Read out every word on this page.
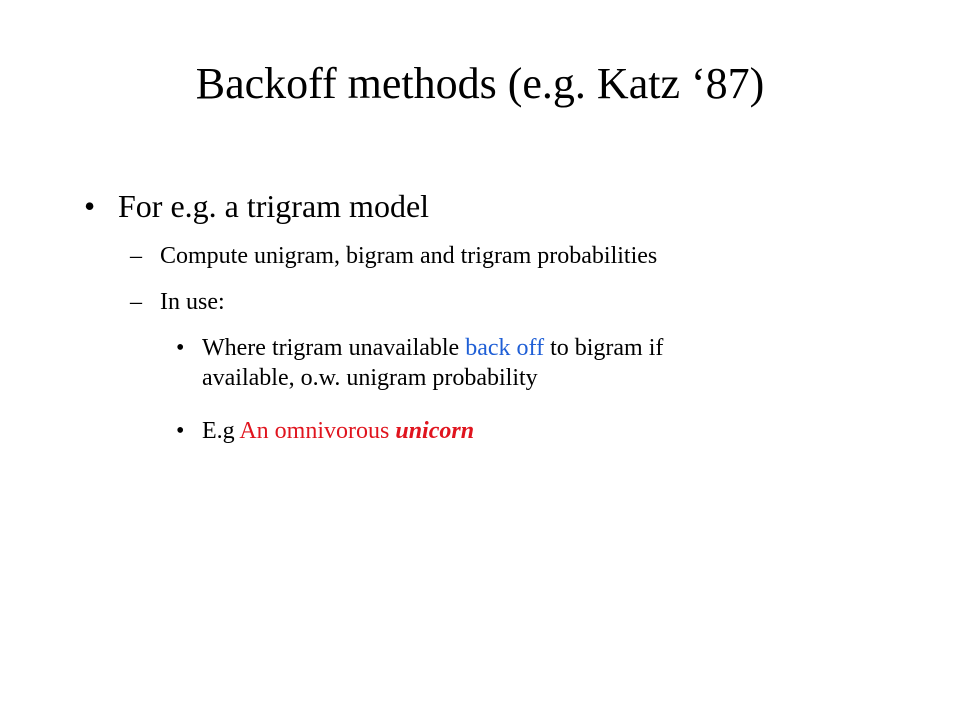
Backoff methods (e.g. Katz ‘87)
• For e.g. a trigram model
– Compute unigram, bigram and trigram probabilities
– In use:
• Where trigram unavailable back off to bigram if
available, o.w. unigram probability
• E.g An omnivorous unicorn
